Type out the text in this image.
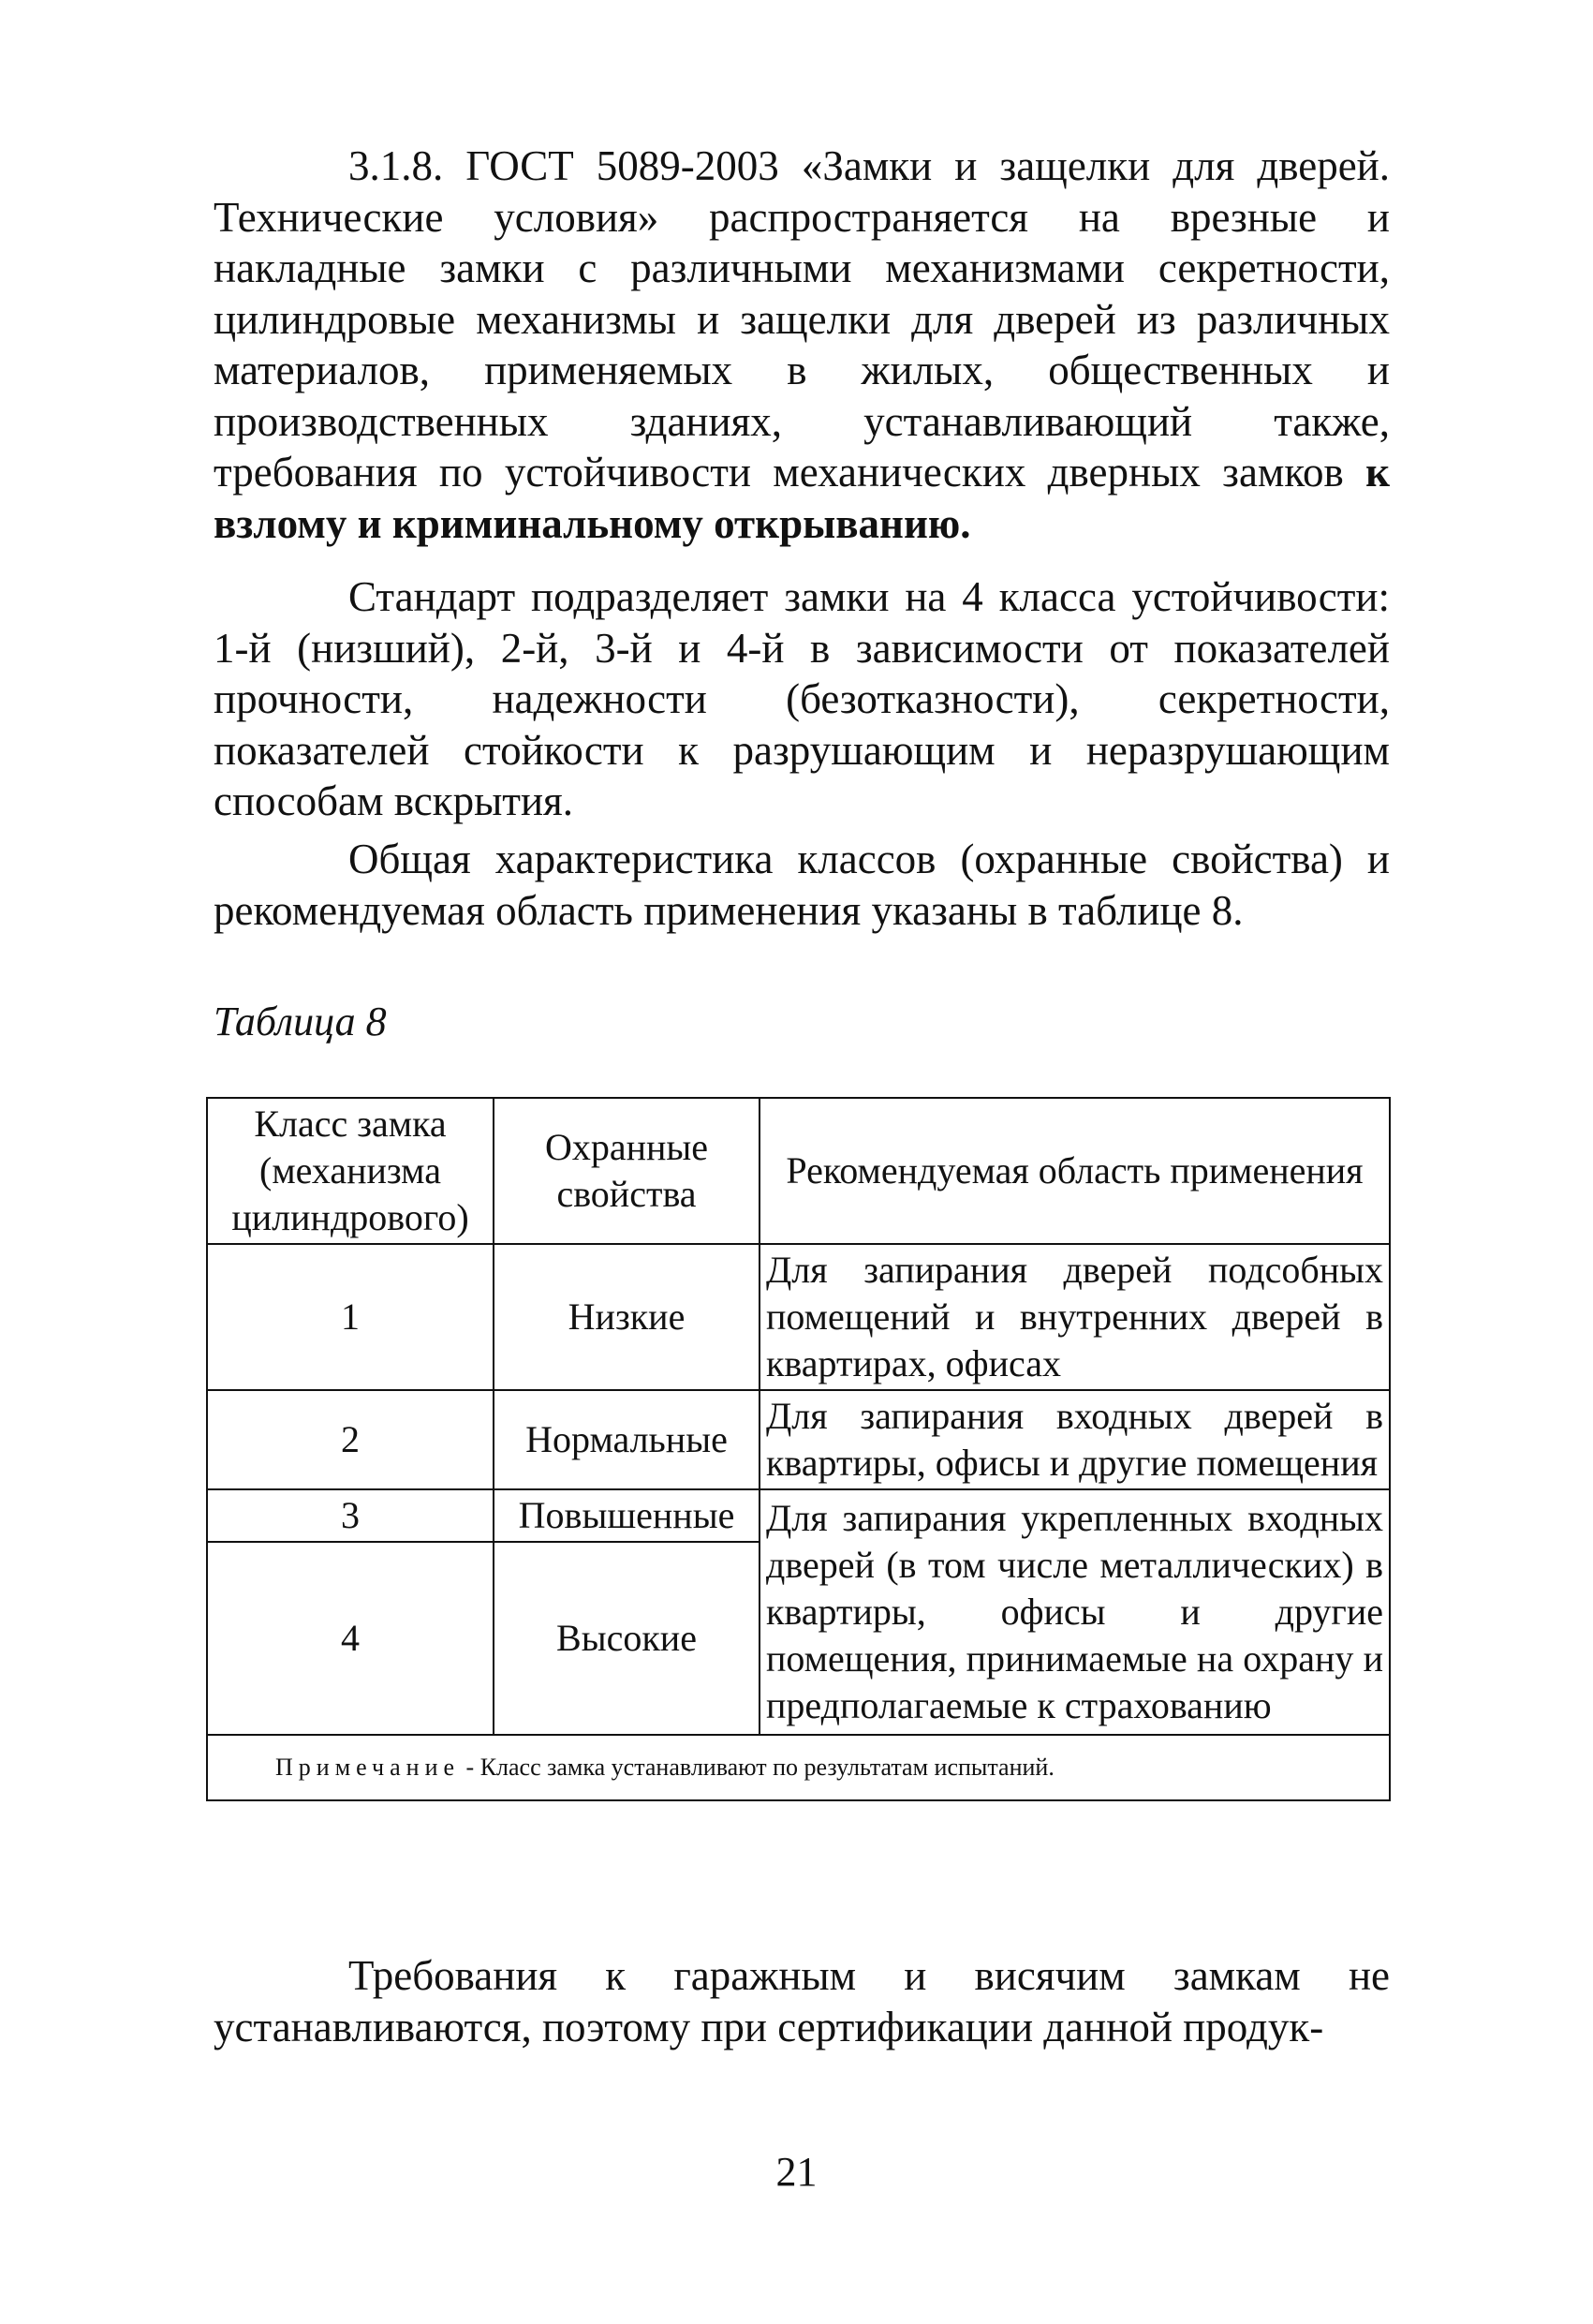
3.1.8. ГОСТ 5089-2003 «Замки и защелки для дверей. Технические условия» распространяется на врезные и накладные замки с различными механизмами секретности, цилиндровые механизмы и защелки для дверей из различных материалов, применяемых в жилых, общественных и производственных зданиях, устанавливающий также, требования по устойчивости механических дверных замков к взлому и криминальному открыванию.

Стандарт подразделяет замки на 4 класса устойчивости: 1-й (низший), 2-й, 3-й и 4-й в зависимости от показателей прочности, надежности (безотказности), секретности, показателей стойкости к разрушающим и неразрушающим способам вскрытия.

Общая характеристика классов (охранные свойства) и рекомендуемая область применения указаны в таблице 8.

Таблица 8
Класс замка (механизма цилиндрового)	Охранные свойства	Рекомендуемая область применения
1	Низкие	Для запирания дверей подсобных помещений и внутренних дверей в квартирах, офисах
2	Нормальные	Для запирания входных дверей в квартиры, офисы и другие помещения
3	Повышенные	Для запирания укрепленных входных дверей (в том числе металлических) в квартиры, офисы и другие помещения, принимаемые на охрану и предполагаемые к страхованию
4	Высокие	
Примечание - Класс замка устанавливают по результатам испытаний.		

Требования к гаражным и висячим замкам не устанавливаются, поэтому при сертификации данной продук-

21
